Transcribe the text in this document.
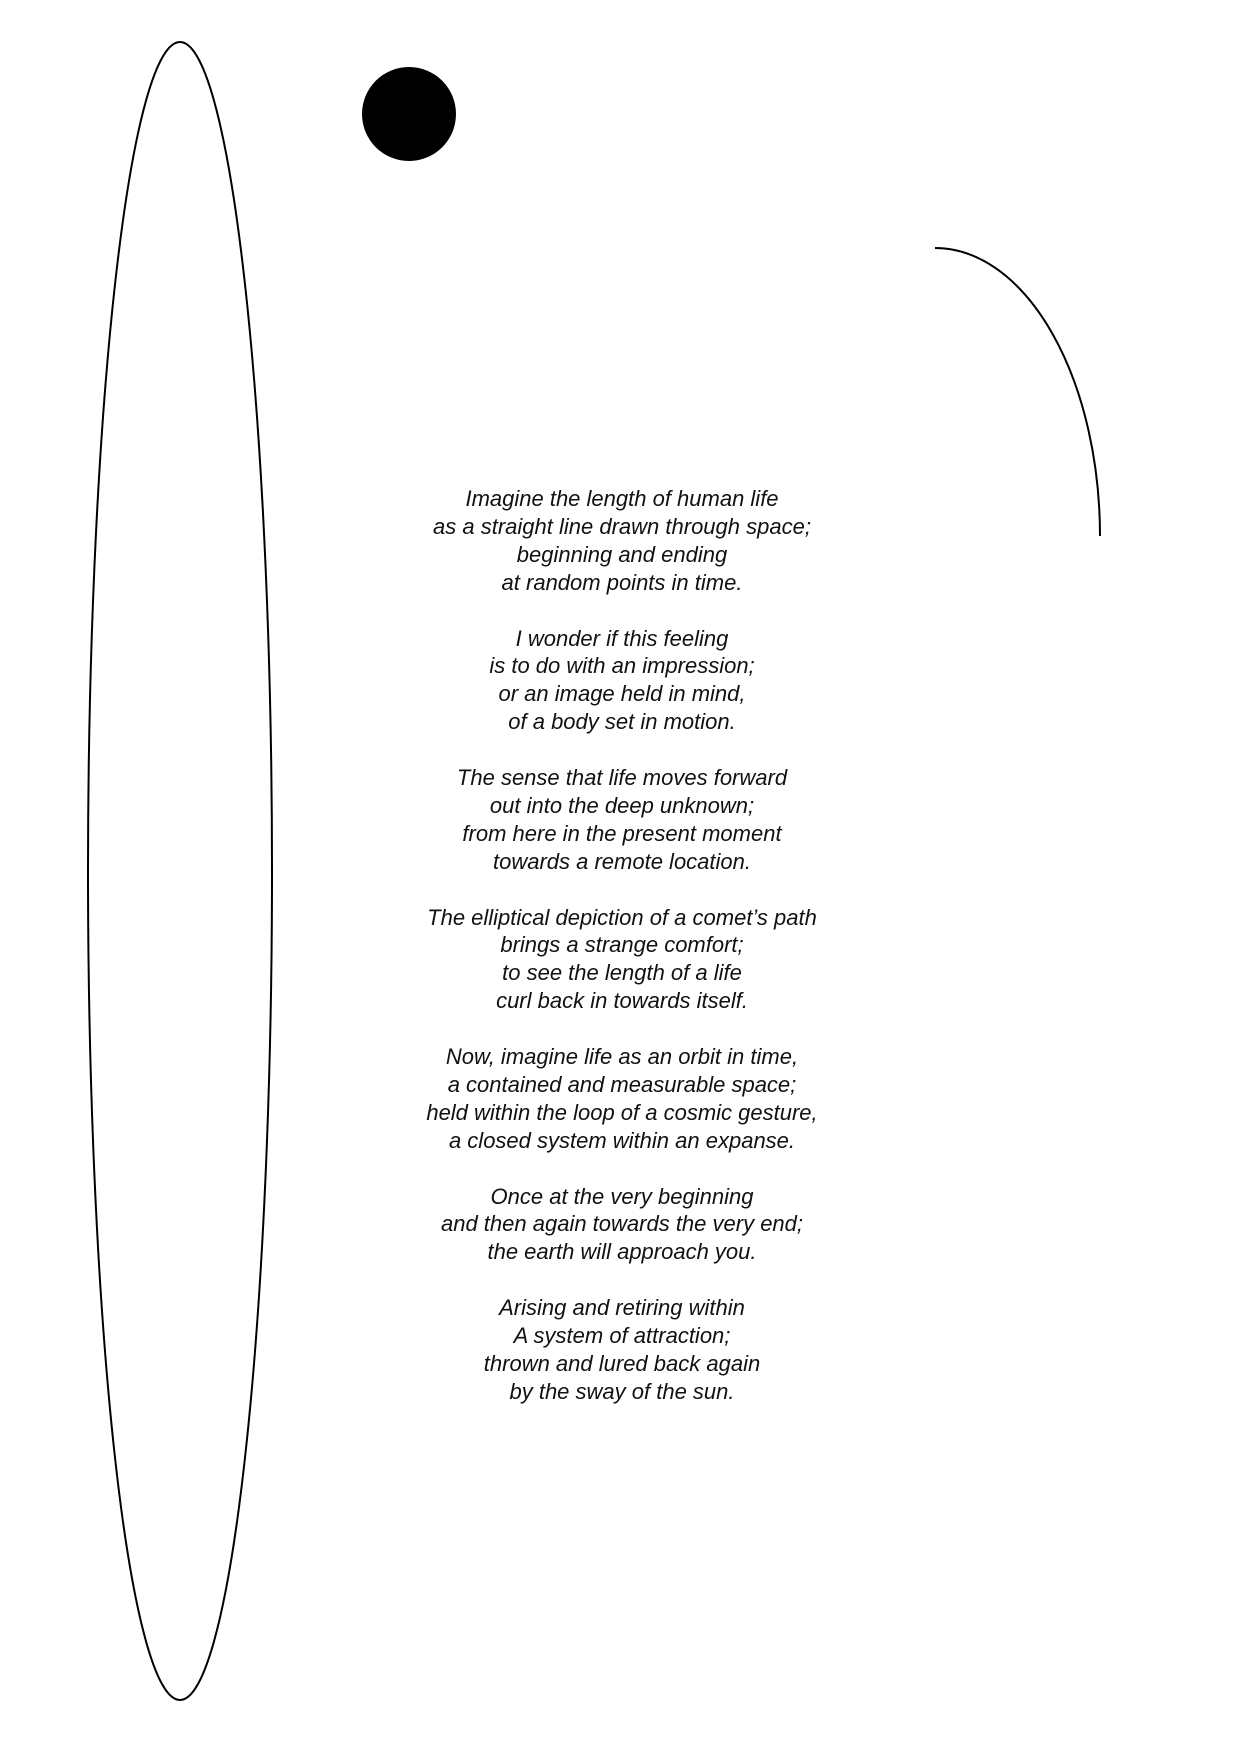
Imagine the length of human life
as a straight line drawn through space;
beginning and ending
at random points in time.
I wonder if this feeling
is to do with an impression;
or an image held in mind,
of a body set in motion.
The sense that life moves forward
out into the deep unknown;
from here in the present moment
towards a remote location.
The elliptical depiction of a comet’s path
brings a strange comfort;
to see the length of a life
curl back in towards itself.
Now, imagine life as an orbit in time,
a contained and measurable space;
held within the loop of a cosmic gesture,
a closed system within an expanse.
Once at the very beginning
and then again towards the very end;
the earth will approach you.
Arising and retiring within
A system of attraction;
thrown and lured back again
by the sway of the sun.
